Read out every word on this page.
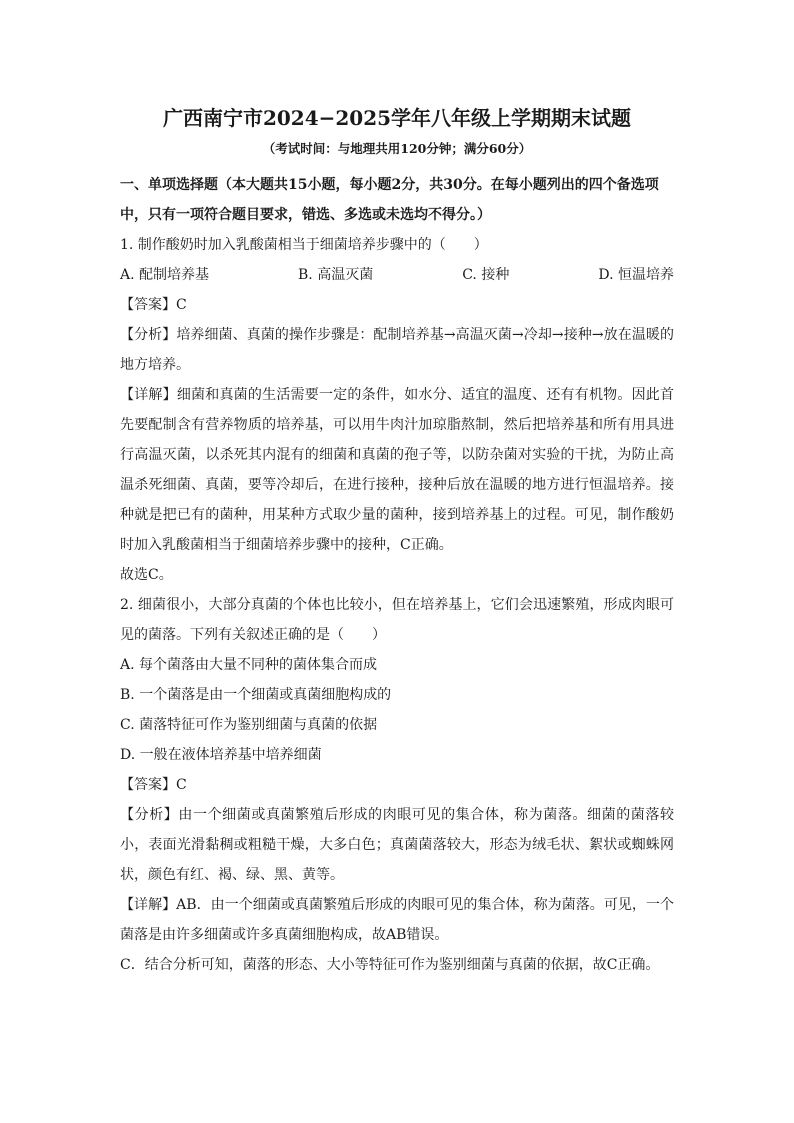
广西南宁市2024−2025学年八年级上学期期末试题
（考试时间：与地理共用120分钟；满分60分）
一、单项选择题（本大题共15小题，每小题2分，共30分。在每小题列出的四个备选项中，只有一项符合题目要求，错选、多选或未选均不得分。）

1. 制作酸奶时加入乳酸菌相当于细菌培养步骤中的（　　）

A. 配制培养基	B. 高温灭菌	C. 接种	D. 恒温培养

【答案】C

【分析】培养细菌、真菌的操作步骤是：配制培养基→高温灭菌→冷却→接种→放在温暖的地方培养。

【详解】细菌和真菌的生活需要一定的条件，如水分、适宜的温度、还有有机物。因此首先要配制含有营养物质的培养基，可以用牛肉汁加琼脂熬制，然后把培养基和所有用具进行高温灭菌，以杀死其内混有的细菌和真菌的孢子等，以防杂菌对实验的干扰，为防止高温杀死细菌、真菌，要等冷却后，在进行接种，接种后放在温暖的地方进行恒温培养。接种就是把已有的菌种，用某种方式取少量的菌种，接到培养基上的过程。可见，制作酸奶时加入乳酸菌相当于细菌培养步骤中的接种，C正确。

故选C。

2. 细菌很小，大部分真菌的个体也比较小，但在培养基上，它们会迅速繁殖，形成肉眼可见的菌落。下列有关叙述正确的是（　　）

A. 每个菌落由大量不同种的菌体集合而成
B. 一个菌落是由一个细菌或真菌细胞构成的
C. 菌落特征可作为鉴别细菌与真菌的依据
D. 一般在液体培养基中培养细菌

【答案】C

【分析】由一个细菌或真菌繁殖后形成的肉眼可见的集合体，称为菌落。细菌的菌落较小，表面光滑黏稠或粗糙干燥，大多白色；真菌菌落较大，形态为绒毛状、絮状或蜘蛛网状，颜色有红、褐、绿、黑、黄等。

【详解】AB．由一个细菌或真菌繁殖后形成的肉眼可见的集合体，称为菌落。可见，一个菌落是由许多细菌或许多真菌细胞构成，故AB错误。

C．结合分析可知，菌落的形态、大小等特征可作为鉴别细菌与真菌的依据，故C正确。
